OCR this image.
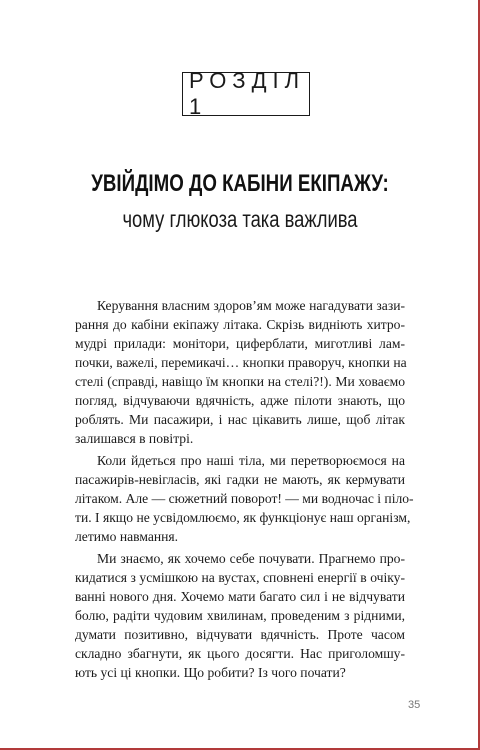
РОЗДІЛ 1
УВІЙДІМО ДО КАБІНИ ЕКІПАЖУ:
чому глюкоза така важлива
Керування власним здоров’ям може нагадувати зази-
рання до кабіни екіпажу літака. Скрізь видніють хитро-
мудрі прилади: монітори, циферблати, миготливі лам-
почки, важелі, перемикачі… кнопки праворуч, кнопки на
стелі (справді, навіщо їм кнопки на стелі?!). Ми ховаємо
погляд, відчуваючи вдячність, адже пілоти знають, що
роблять. Ми пасажири, і нас цікавить лише, щоб літак
залишався в повітрі.
Коли йдеться про наші тіла, ми перетворюємося на
пасажирів-невігласів, які гадки не мають, як кермувати
літаком. Але — сюжетний поворот! — ми водночас і піло-
ти. І якщо не усвідомлюємо, як функціонує наш організм,
летимо навмання.
Ми знаємо, як хочемо себе почувати. Прагнемо про-
кидатися з усмішкою на вустах, сповнені енергії в очіку-
ванні нового дня. Хочемо мати багато сил і не відчувати
болю, радіти чудовим хвилинам, проведеним з рідними,
думати позитивно, відчувати вдячність. Проте часом
складно збагнути, як цього досягти. Нас приголомшу-
ють усі ці кнопки. Що робити? Із чого почати?
35
